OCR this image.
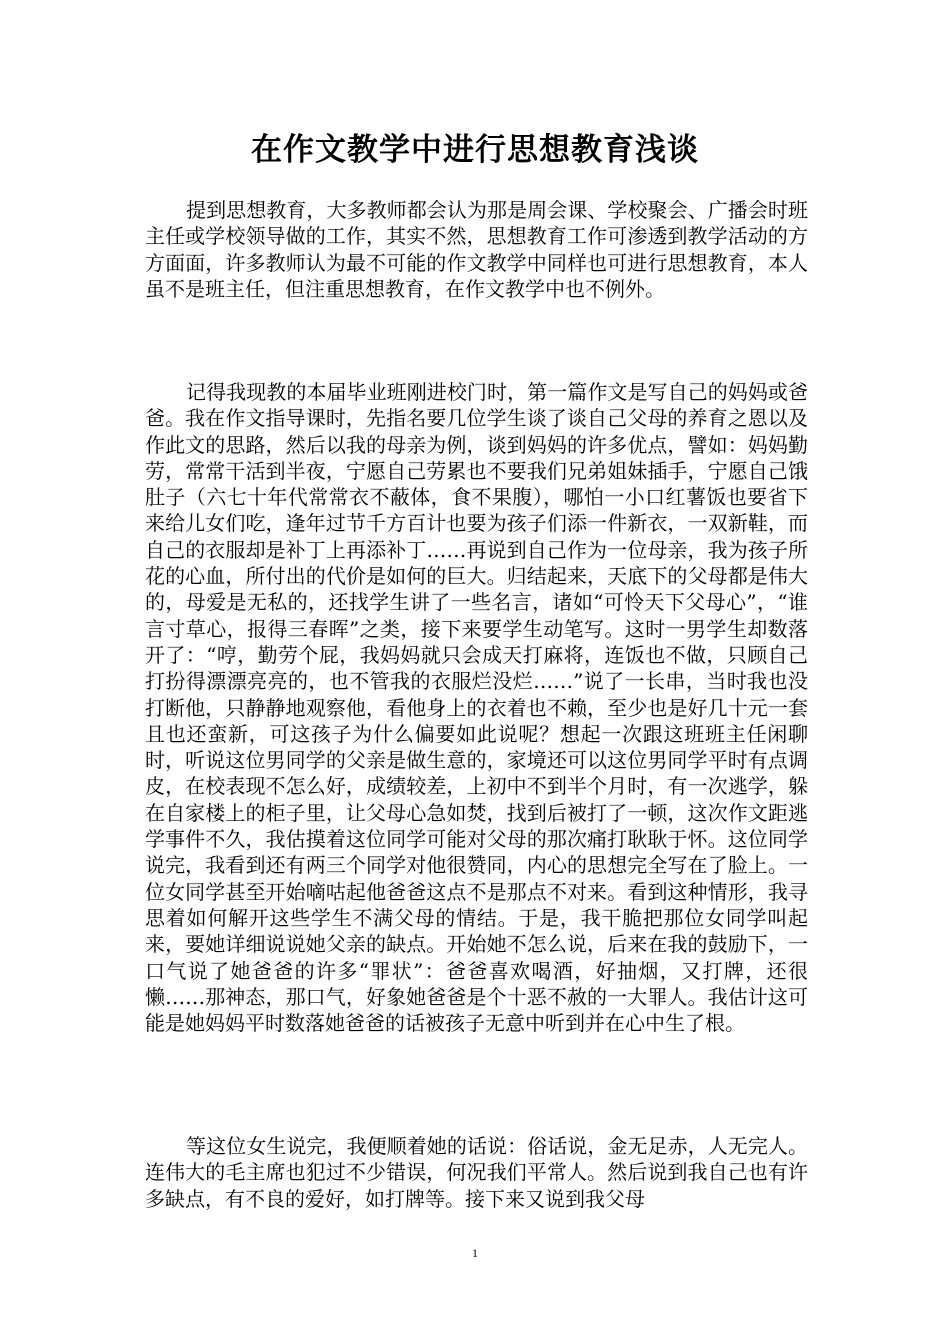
在作文教学中进行思想教育浅谈

提到思想教育，大多教师都会认为那是周会课、学校聚会、广播会时班主任或学校领导做的工作，其实不然，思想教育工作可渗透到教学活动的方方面面，许多教师认为最不可能的作文教学中同样也可进行思想教育，本人虽不是班主任，但注重思想教育，在作文教学中也不例外。

记得我现教的本届毕业班刚进校门时，第一篇作文是写自己的妈妈或爸爸。我在作文指导课时，先指名要几位学生谈了谈自己父母的养育之恩以及作此文的思路，然后以我的母亲为例，谈到妈妈的许多优点，譬如：妈妈勤劳，常常干活到半夜，宁愿自己劳累也不要我们兄弟姐妹插手，宁愿自己饿肚子（六七十年代常常衣不蔽体，食不果腹），哪怕一小口红薯饭也要省下来给儿女们吃，逢年过节千方百计也要为孩子们添一件新衣，一双新鞋，而自己的衣服却是补丁上再添补丁……再说到自己作为一位母亲，我为孩子所花的心血，所付出的代价是如何的巨大。归结起来，天底下的父母都是伟大的，母爱是无私的，还找学生讲了一些名言，诸如“可怜天下父母心”，“谁言寸草心，报得三春晖”之类，接下来要学生动笔写。这时一男学生却数落开了：“哼，勤劳个屁，我妈妈就只会成天打麻将，连饭也不做，只顾自己打扮得漂漂亮亮的，也不管我的衣服烂没烂……”说了一长串，当时我也没打断他，只静静地观察他，看他身上的衣着也不赖，至少也是好几十元一套且也还蛮新，可这孩子为什么偏要如此说呢？想起一次跟这班班主任闲聊时，听说这位男同学的父亲是做生意的，家境还可以这位男同学平时有点调皮，在校表现不怎么好，成绩较差，上初中不到半个月时，有一次逃学，躲在自家楼上的柜子里，让父母心急如焚，找到后被打了一顿，这次作文距逃学事件不久，我估摸着这位同学可能对父母的那次痛打耿耿于怀。这位同学说完，我看到还有两三个同学对他很赞同，内心的思想完全写在了脸上。一位女同学甚至开始嘀咕起他爸爸这点不是那点不对来。看到这种情形，我寻思着如何解开这些学生不满父母的情结。于是，我干脆把那位女同学叫起来，要她详细说说她父亲的缺点。开始她不怎么说，后来在我的鼓励下，一口气说了她爸爸的许多“罪状”：爸爸喜欢喝酒，好抽烟，又打牌，还很懒……那神态，那口气，好象她爸爸是个十恶不赦的一大罪人。我估计这可能是她妈妈平时数落她爸爸的话被孩子无意中听到并在心中生了根。

等这位女生说完，我便顺着她的话说：俗话说，金无足赤，人无完人。连伟大的毛主席也犯过不少错误，何况我们平常人。然后说到我自己也有许多缺点，有不良的爱好，如打牌等。接下来又说到我父母

1
